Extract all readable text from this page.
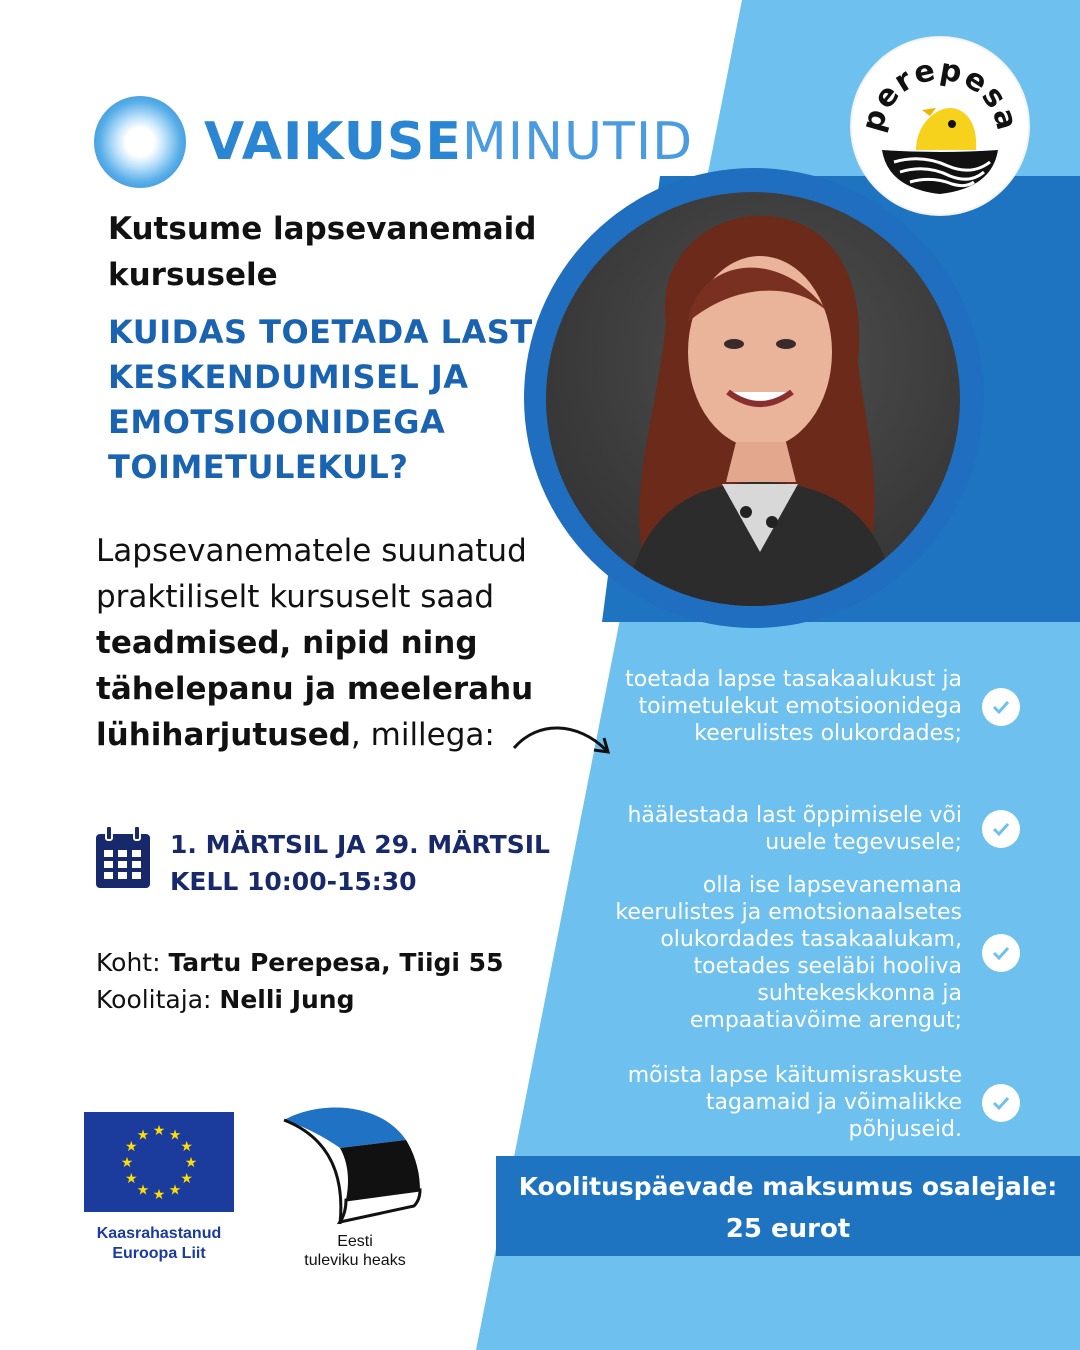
VAIKUSEMINUTID	perepesa
Kutsume lapsevanemaid kursusele
KUIDAS TOETADA LAST KESKENDUMISEL JA EMOTSIOONIDEGA TOIMETULEKUL?
Lapsevanematele suunatud
praktiliselt kursuselt saad
teadmised, nipid ning
tähelepanu ja meelerahu
lühiharjutused, millega:
toetada lapse tasakaalukust ja toimetulekut emotsioonidega keerulistes olukordades;
häälestada last õppimisele või uuele tegevusele;
olla ise lapsevanemana keerulistes ja emotsionaalsetes olukordades tasakaalukam, toetades seeläbi hooliva suhtekeskkonna ja empaatiavõime arengut;
mõista lapse käitumisraskuste tagamaid ja võimalikke põhjuseid.
1. MÄRTSIL JA 29. MÄRTSIL
KELL 10:00-15:30
Koht: Tartu Perepesa, Tiigi 55
Koolitaja: Nelli Jung
★ ★
★
★
★
★
★
★
★
★
★
★
Kaasrahastanud
Euroopa Liit
Eesti
tuleviku heaks
Koolituspäevade maksumus osalejale:
25 eurot
